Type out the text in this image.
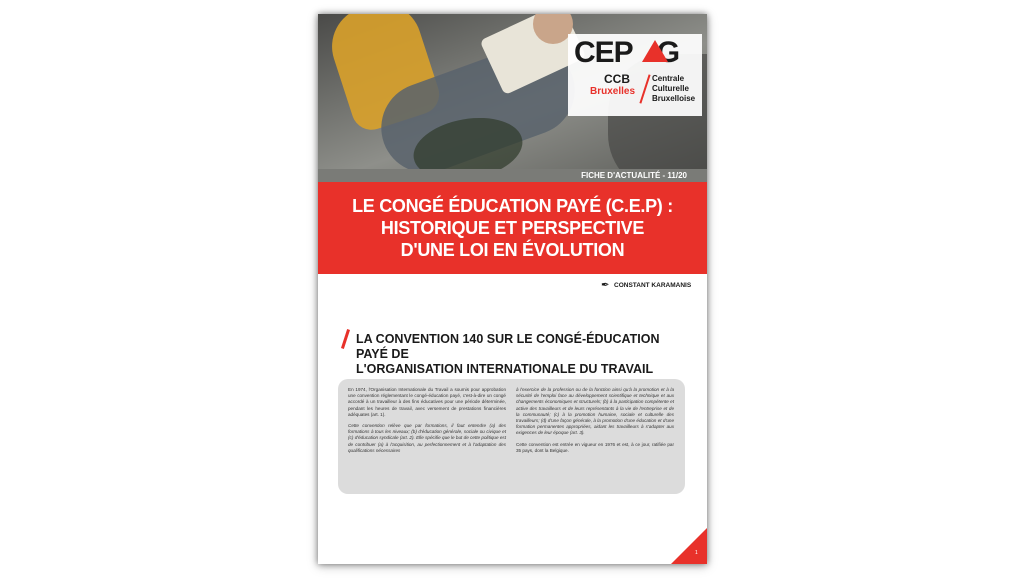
CEP G
CCB
Bruxelles
Centrale
Culturelle
Bruxelloise
FICHE D'ACTUALITÉ - 11/20
LE CONGÉ ÉDUCATION PAYÉ (C.E.P) :
HISTORIQUE ET PERSPECTIVE
D'UNE LOI EN ÉVOLUTION
✒ CONSTANT KARAMANIS
LA CONVENTION 140 SUR LE CONGÉ-ÉDUCATION PAYÉ DE
L'ORGANISATION INTERNATIONALE DU TRAVAIL

En 1974, l'Organisation Internationale du Travail a soumis pour approbation une convention réglementant le congé-éducation payé, c'est-à-dire un congé accordé à un travailleur à des fins éducatives pour une période déterminée, pendant les heures de travail, avec versement de prestations financières adéquates (art. 1).

Cette convention relève que par formations, il faut entendre (a) des formations à tous les niveaux; (b) d'éducation générale, sociale ou civique et (c) d'éducation syndicale (art. 2). Elle spécifie que le but de cette politique est de contribuer (a) à l'acquisition, au perfectionnement et à l'adaptation des qualifications nécessaires

à l'exercice de la profession ou de la fonction ainsi qu'à la promotion et à la sécurité de l'emploi face au développement scientifique et technique et aux changements économiques et structurels; (b) à la participation compétente et active des travailleurs et de leurs représentants à la vie de l'entreprise et de la communauté; (c) à la promotion humaine, sociale et culturelle des travailleurs; (d) d'une façon générale, à la promotion d'une éducation et d'une formation permanentes appropriées, aidant les travailleurs à s'adapter aux exigences de leur époque (art. 3).

Cette convention est entrée en vigueur en 1976 et est, à ce jour, ratifiée par 35 pays, dont la Belgique.

1
